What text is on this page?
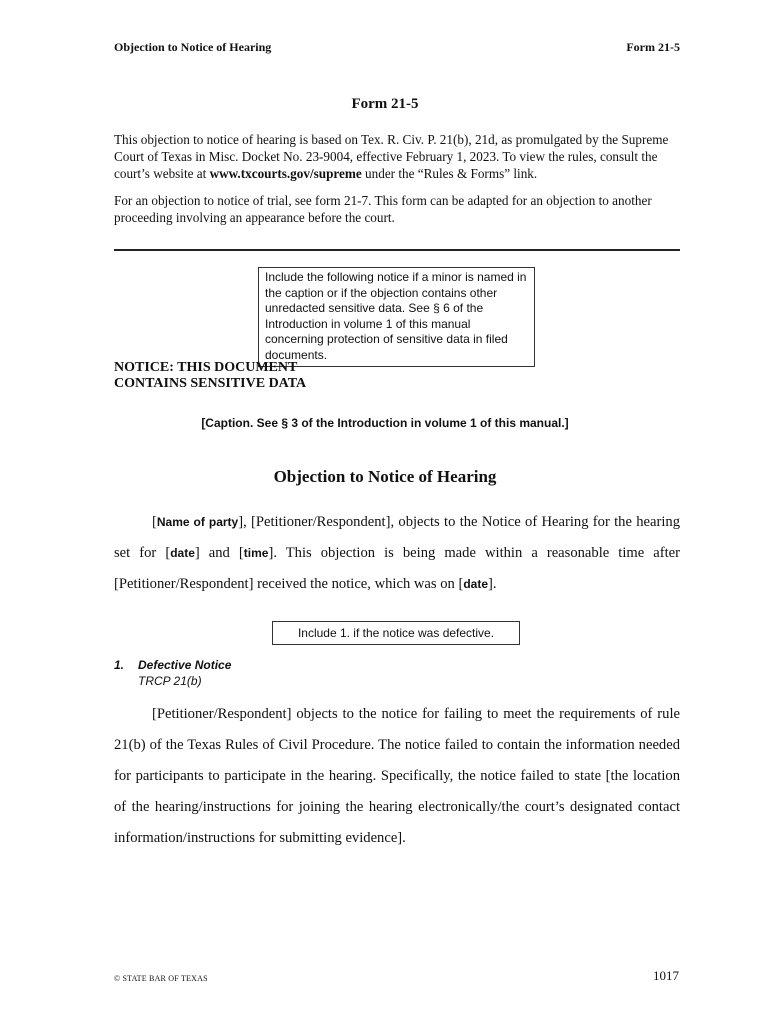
Objection to Notice of Hearing	Form 21-5
Form 21-5
This objection to notice of hearing is based on Tex. R. Civ. P. 21(b), 21d, as promulgated by the Supreme Court of Texas in Misc. Docket No. 23-9004, effective February 1, 2023. To view the rules, consult the court’s website at www.txcourts.gov/supreme under the “Rules & Forms” link.
For an objection to notice of trial, see form 21-7. This form can be adapted for an objection to another proceeding involving an appearance before the court.
Include the following notice if a minor is named in the caption or if the objection contains other unredacted sensitive data. See § 6 of the Introduction in volume 1 of this manual concerning protection of sensitive data in filed documents.
NOTICE: THIS DOCUMENT
CONTAINS SENSITIVE DATA
[Caption. See § 3 of the Introduction in volume 1 of this manual.]
Objection to Notice of Hearing
[Name of party], [Petitioner/Respondent], objects to the Notice of Hearing for the hearing set for [date] and [time]. This objection is being made within a reasonable time after [Petitioner/Respondent] received the notice, which was on [date].
Include 1. if the notice was defective.
1. Defective Notice
TRCP 21(b)
[Petitioner/Respondent] objects to the notice for failing to meet the requirements of rule 21(b) of the Texas Rules of Civil Procedure. The notice failed to contain the information needed for participants to participate in the hearing. Specifically, the notice failed to state [the location of the hearing/instructions for joining the hearing electronically/the court’s designated contact information/instructions for submitting evidence].
© STATE BAR OF TEXAS	1017
